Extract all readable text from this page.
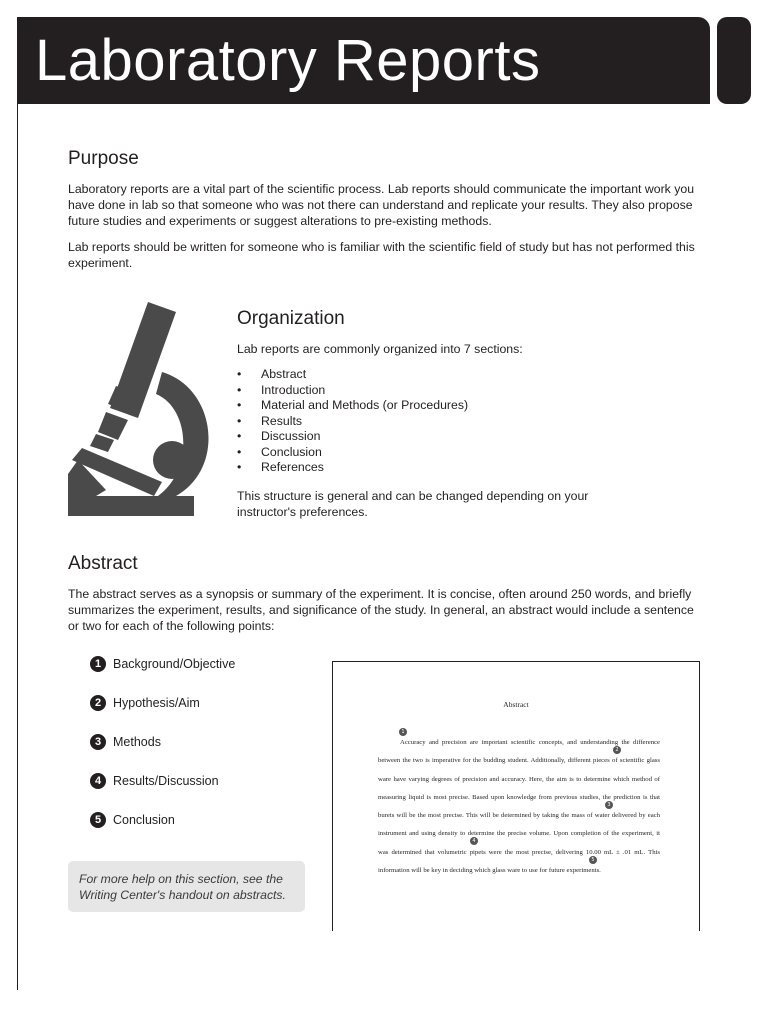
Laboratory Reports
Purpose

Laboratory reports are a vital part of the scientific process. Lab reports should communicate the important work you have done in lab so that someone who was not there can understand and replicate your results. They also propose future studies and experiments or suggest alterations to pre-existing methods.

Lab reports should be written for someone who is familiar with the scientific field of study but has not performed this experiment.

Organization

Lab reports are commonly organized into 7 sections:

• Abstract
• Introduction
• Material and Methods (or Procedures)
• Results
• Discussion
• Conclusion
• References

This structure is general and can be changed depending on your instructor's preferences.

Abstract

The abstract serves as a synopsis or summary of the experiment. It is concise, often around 250 words, and briefly summarizes the experiment, results, and significance of the study. In general, an abstract would include a sentence or two for each of the following points:

1 Background/Objective
2 Hypothesis/Aim
3 Methods
4 Results/Discussion
5 Conclusion

For more help on this section, see the Writing Center's handout on abstracts.

Abstract

Accuracy and precision are important scientific concepts, and understanding the difference between the two is imperative for the budding student. Additionally, different pieces of scientific glass ware have varying degrees of precision and accuracy. Here, the aim is to determine which method of measuring liquid is most precise. Based upon knowledge from previous studies, the prediction is that burets will be the most precise. This will be determined by taking the mass of water delivered by each instrument and using density to determine the precise volume. Upon completion of the experiment, it was determined that volumetric pipets were the most precise, delivering 10.00 mL ± .01 mL. This information will be key in deciding which glass ware to use for future experiments.

1
2
3
4
5
